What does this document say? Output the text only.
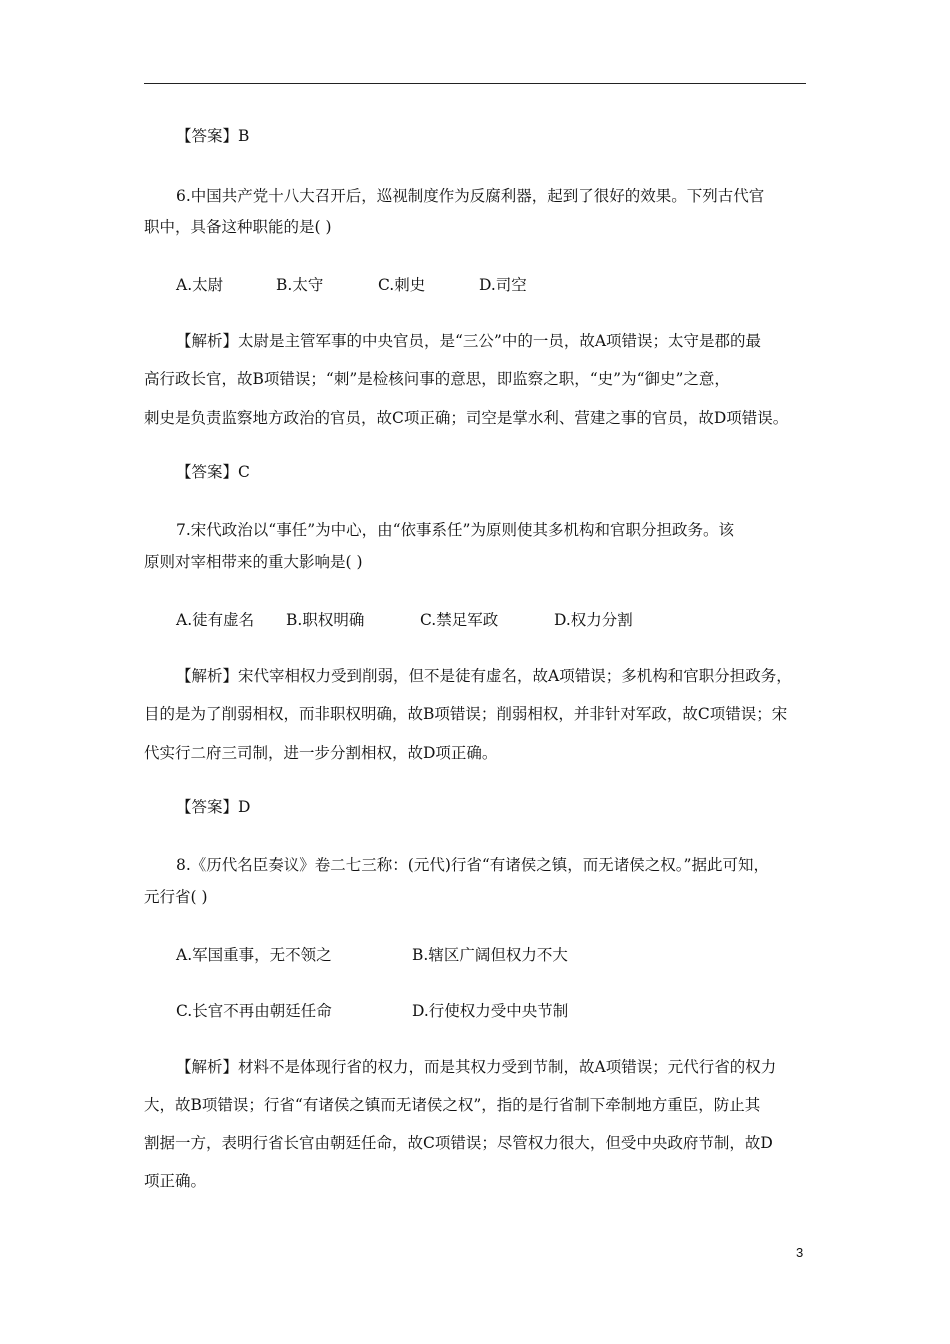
【答案】B

6.中国共产党十八大召开后，巡视制度作为反腐利器，起到了很好的效果。下列古代官

职中，具备这种职能的是( )

A.太尉	B.太守	C.刺史	D.司空

【解析】太尉是主管军事的中央官员，是“三公”中的一员，故A项错误；太守是郡的最

高行政长官，故B项错误；“刺”是检核问事的意思，即监察之职，“史”为“御史”之意，

刺史是负责监察地方政治的官员，故C项正确；司空是掌水利、营建之事的官员，故D项错误。

【答案】C

7.宋代政治以“事任”为中心，由“依事系任”为原则使其多机构和官职分担政务。该

原则对宰相带来的重大影响是( )

A.徒有虚名 B.职权明确	C.禁足军政	D.权力分割

【解析】宋代宰相权力受到削弱，但不是徒有虚名，故A项错误；多机构和官职分担政务，

目的是为了削弱相权，而非职权明确，故B项错误；削弱相权，并非针对军政，故C项错误；宋

代实行二府三司制，进一步分割相权，故D项正确。

【答案】D

8.《历代名臣奏议》卷二七三称：(元代)行省“有诸侯之镇，而无诸侯之权。”据此可知，

元行省( )

A.军国重事，无不领之	B.辖区广阔但权力不大
C.长官不再由朝廷任命	D.行使权力受中央节制

【解析】材料不是体现行省的权力，而是其权力受到节制，故A项错误；元代行省的权力

大，故B项错误；行省“有诸侯之镇而无诸侯之权”，指的是行省制下牵制地方重臣，防止其

割据一方，表明行省长官由朝廷任命，故C项错误；尽管权力很大，但受中央政府节制，故D

项正确。

3
